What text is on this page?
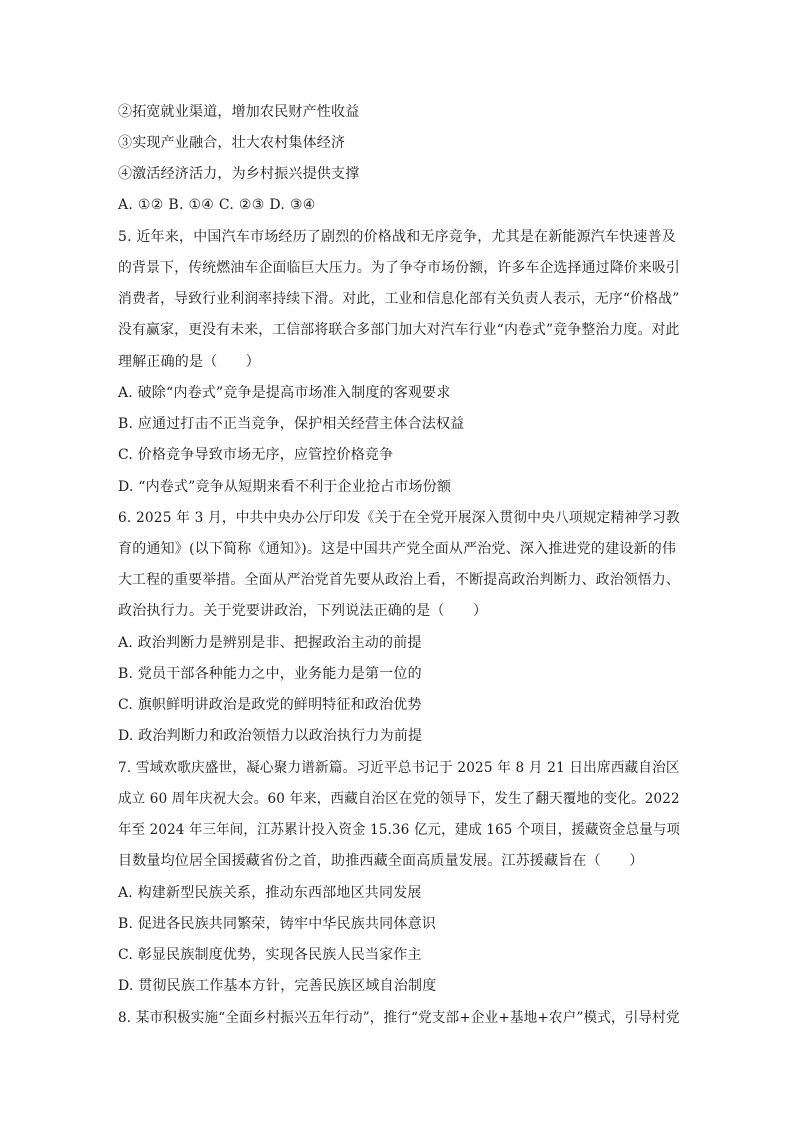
②拓宽就业渠道，增加农民财产性收益
③实现产业融合，壮大农村集体经济
④激活经济活力，为乡村振兴提供支撑
A. ①② B. ①④ C. ②③ D. ③④
5. 近年来，中国汽车市场经历了剧烈的价格战和无序竞争，尤其是在新能源汽车快速普及
的背景下，传统燃油车企面临巨大压力。为了争夺市场份额，许多车企选择通过降价来吸引
消费者，导致行业利润率持续下滑。对此，工业和信息化部有关负责人表示，无序“价格战”
没有赢家，更没有未来，工信部将联合多部门加大对汽车行业“内卷式”竞争整治力度。对此
理解正确的是（　　）
A. 破除“内卷式”竞争是提高市场准入制度的客观要求
B. 应通过打击不正当竞争，保护相关经营主体合法权益
C. 价格竞争导致市场无序，应管控价格竞争
D. “内卷式”竞争从短期来看不利于企业抢占市场份额
6. 2025 年 3 月，中共中央办公厅印发《关于在全党开展深入贯彻中央八项规定精神学习教
育的通知》(以下简称《通知》)。这是中国共产党全面从严治党、深入推进党的建设新的伟
大工程的重要举措。全面从严治党首先要从政治上看，不断提高政治判断力、政治领悟力、
政治执行力。关于党要讲政治，下列说法正确的是（　　）
A. 政治判断力是辨别是非、把握政治主动的前提
B. 党员干部各种能力之中，业务能力是第一位的
C. 旗帜鲜明讲政治是政党的鲜明特征和政治优势
D. 政治判断力和政治领悟力以政治执行力为前提
7. 雪域欢歌庆盛世，凝心聚力谱新篇。习近平总书记于 2025 年 8 月 21 日出席西藏自治区
成立 60 周年庆祝大会。60 年来，西藏自治区在党的领导下，发生了翻天覆地的变化。2022
年至 2024 年三年间，江苏累计投入资金 15.36 亿元，建成 165 个项目，援藏资金总量与项
目数量均位居全国援藏省份之首，助推西藏全面高质量发展。江苏援藏旨在（　　）
A. 构建新型民族关系，推动东西部地区共同发展
B. 促进各民族共同繁荣，铸牢中华民族共同体意识
C. 彰显民族制度优势，实现各民族人民当家作主
D. 贯彻民族工作基本方针，完善民族区域自治制度
8. 某市积极实施“全面乡村振兴五年行动”，推行“党支部+企业+基地+农户”模式，引导村党
